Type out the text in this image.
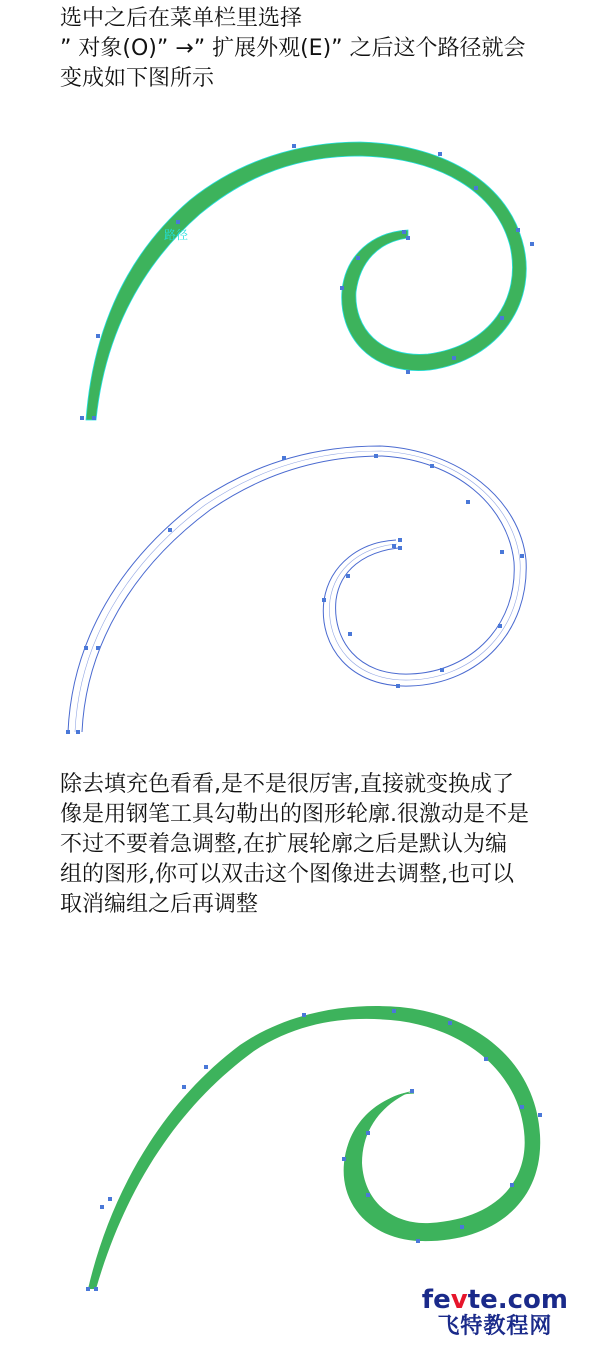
选中之后在菜单栏里选择
” 对象(O)” →” 扩展外观(E)” 之后这个路径就会
变成如下图所示
路径
除去填充色看看,是不是很厉害,直接就变换成了
像是用钢笔工具勾勒出的图形轮廓.很激动是不是
不过不要着急调整,在扩展轮廓之后是默认为编
组的图形,你可以双击这个图像进去调整,也可以
取消编组之后再调整
fevte.com
飞特教程网
